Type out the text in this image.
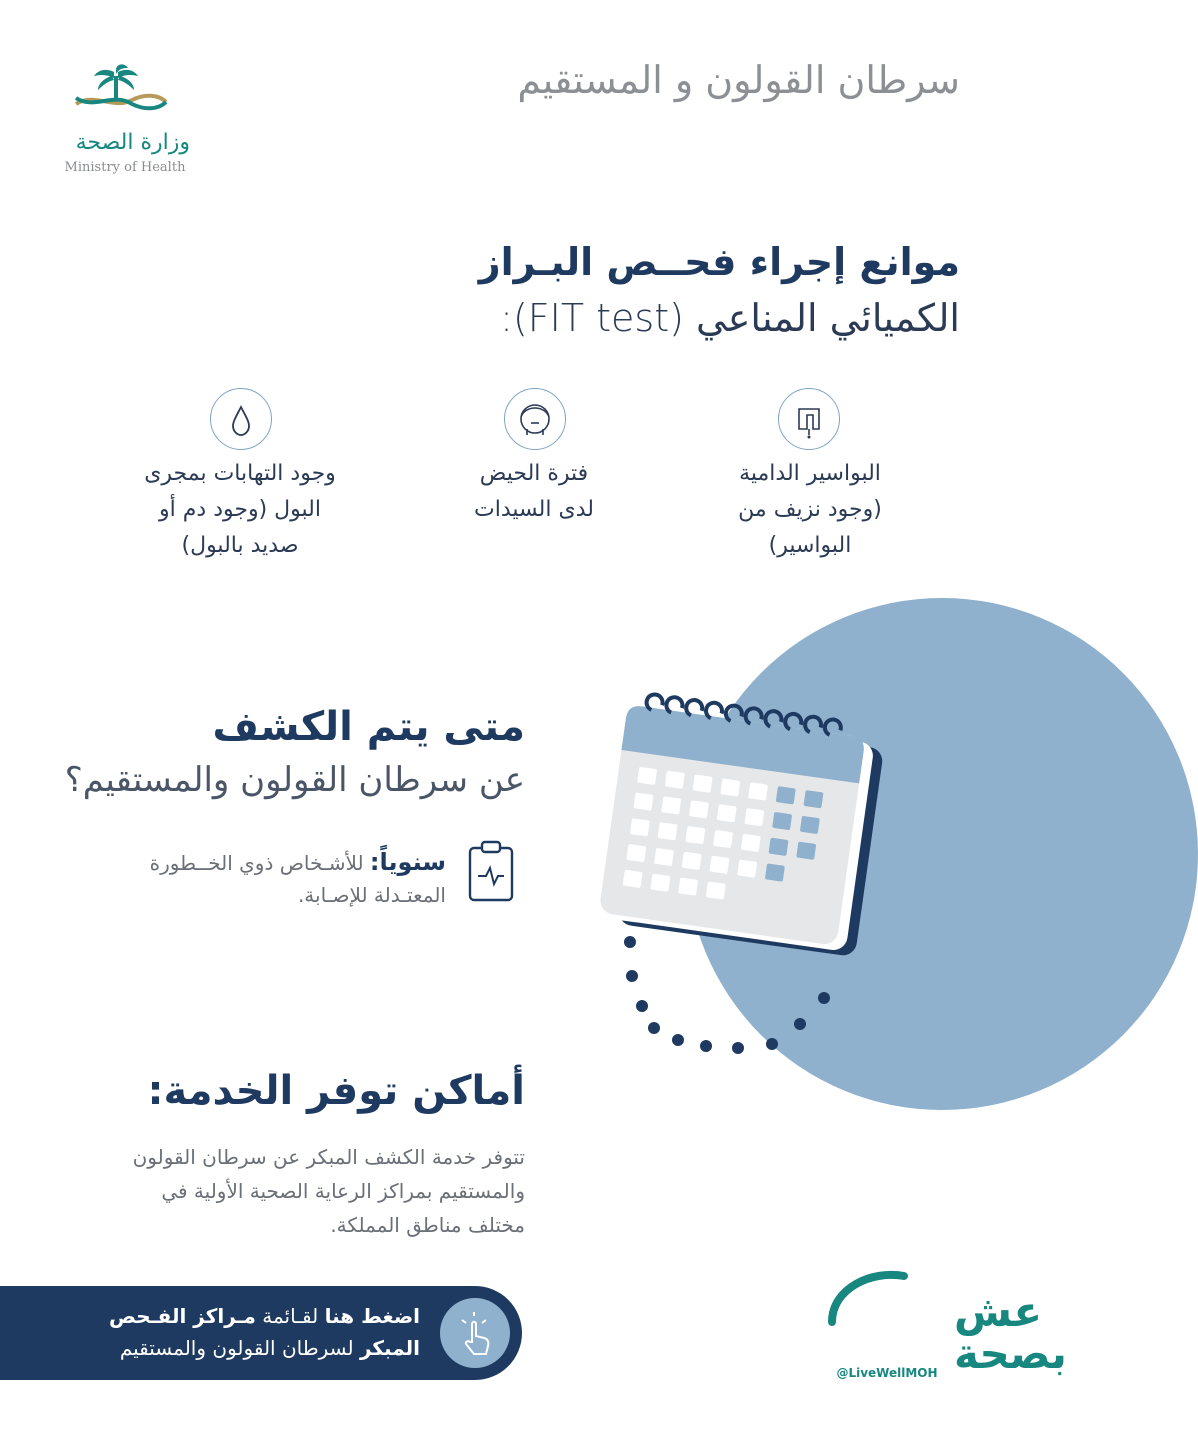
سرطان القولون و المستقيم
وزارة الصحة
Ministry of Health
موانع إجراء فحــص البـراز
الكميائي المناعي (FIT test):
البواسير الدامية
(وجود نزيف من
البواسير)
فترة الحيض
لدى السيدات
وجود التهابات بمجرى
البول (وجود دم أو
صديد بالبول)
متى يتم الكشف
عن سرطان القولون والمستقيم؟
سنوياً: للأشـخاص ذوي الخــطورة
المعتـدلة للإصـابة.
أماكن توفر الخدمة:
تتوفر خدمة الكشف المبكر عن سرطان القولون
والمستقيم بمراكز الرعاية الصحية الأولية في
مختلف مناطق المملكة.
اضغط هنا لقـائمة مـراكز الفـحص
المبكر لسرطان القولون والمستقيم
عش
بصحة
@LiveWellMOH
